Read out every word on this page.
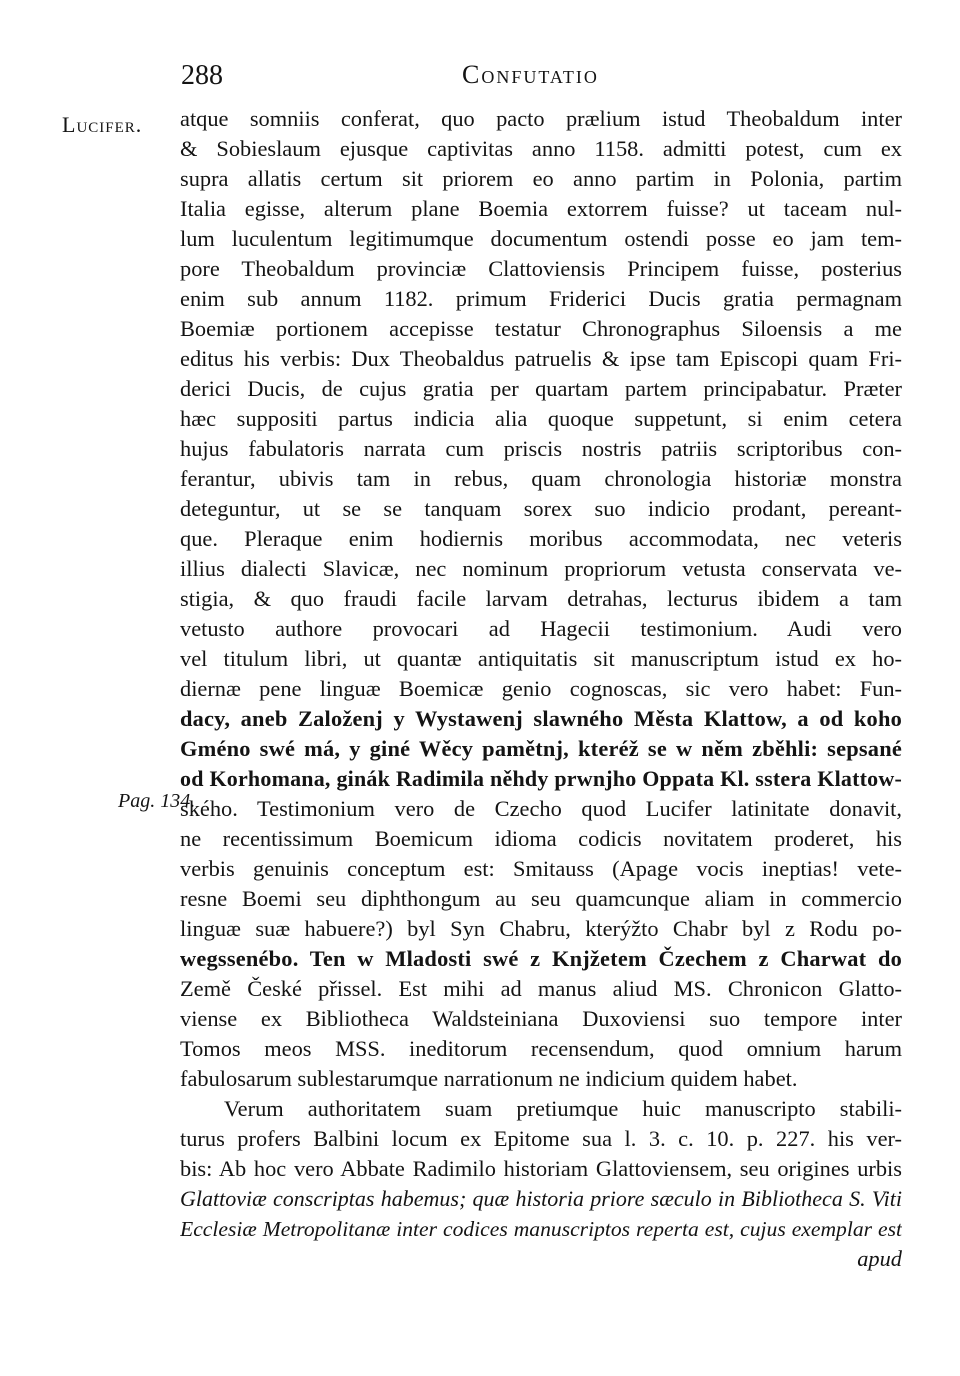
288	Confutatio
Lucifer.
Pag. 134.
atque somniis conferat, quo pacto prælium istud Theobaldum inter
& Sobieslaum ejusque captivitas anno 1158. admitti potest, cum ex
supra allatis certum sit priorem eo anno partim in Polonia, partim
Italia egisse, alterum plane Boemia extorrem fuisse? ut taceam nul-
lum luculentum legitimumque documentum ostendi posse eo jam tem-
pore Theobaldum provinciæ Clattoviensis Principem fuisse, posterius
enim sub annum 1182. primum Friderici Ducis gratia permagnam
Boemiæ portionem accepisse testatur Chronographus Siloensis a me
editus his verbis: Dux Theobaldus patruelis & ipse tam Episcopi quam Fri-
derici Ducis, de cujus gratia per quartam partem principabatur. Præter
hæc suppositi partus indicia alia quoque suppetunt, si enim cetera
hujus fabulatoris narrata cum priscis nostris patriis scriptoribus con-
ferantur, ubivis tam in rebus, quam chronologia historiæ monstra
deteguntur, ut se se tanquam sorex suo indicio prodant, pereant-
que. Pleraque enim hodiernis moribus accommodata, nec veteris
illius dialecti Slavicæ, nec nominum propriorum vetusta conservata ve-
stigia, & quo fraudi facile larvam detrahas, lecturus ibidem a tam
vetusto authore provocari ad Hagecii testimonium. Audi vero
vel titulum libri, ut quantæ antiquitatis sit manuscriptum istud ex ho-
diernæ pene linguæ Boemicæ genio cognoscas, sic vero habet: Fun-
dacy, aneb Založenj y Wystawenj slawného Města Klattow, a od koho
Gméno swé má, y giné Wěcy pamětnj, kteréž se w něm zběhli: sepsané
od Korhomana, ginák Radimila něhdy prwnjho Oppata Kl. sstera Klattow-
ského. Testimonium vero de Czecho quod Lucifer latinitate donavit,
ne recentissimum Boemicum idioma codicis novitatem proderet, his
verbis genuinis conceptum est: Smitauss (Apage vocis ineptias! vete-
resne Boemi seu diphthongum au seu quamcunque aliam in commercio
linguæ suæ habuere?) byl Syn Chabru, kterýžto Chabr byl z Rodu po-
wegssenébo. Ten w Mladosti swé z Knjžetem Čzechem z Charwat do
Země České přissel. Est mihi ad manus aliud MS. Chronicon Glatto-
viense ex Bibliotheca Waldsteiniana Duxoviensi suo tempore inter
Tomos meos MSS. ineditorum recensendum, quod omnium harum
fabulosarum sublestarumque narrationum ne indicium quidem habet.
Verum authoritatem suam pretiumque huic manuscripto stabili-
turus profers Balbini locum ex Epitome sua l. 3. c. 10. p. 227. his ver-
bis: Ab hoc vero Abbate Radimilo historiam Glattoviensem, seu origines urbis
Glattoviæ conscriptas habemus; quæ historia priore sæculo in Bibliotheca S. Viti
Ecclesiæ Metropolitanæ inter codices manuscriptos reperta est, cujus exemplar est
apud
